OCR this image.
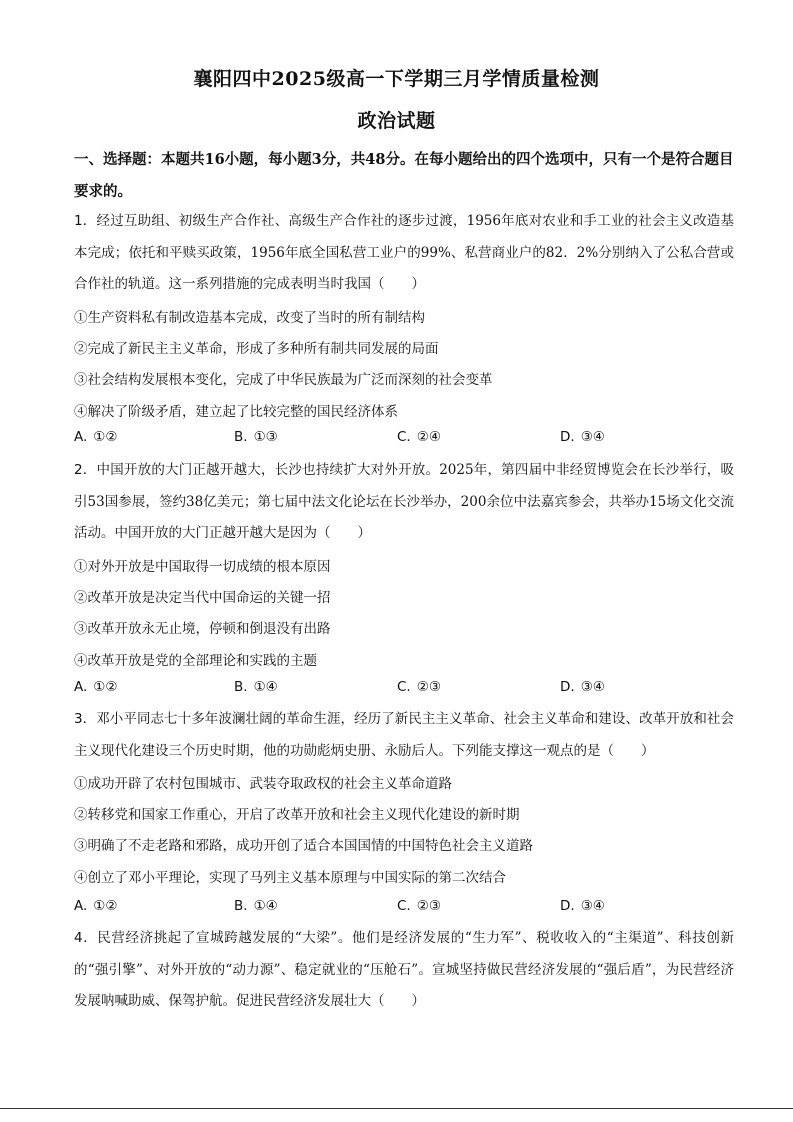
襄阳四中2025级高一下学期三月学情质量检测
政治试题
一、选择题：本题共16小题，每小题3分，共48分。在每小题给出的四个选项中，只有一个是符合题目要求的。
1．经过互助组、初级生产合作社、高级生产合作社的逐步过渡，1956年底对农业和手工业的社会主义改造基本完成；依托和平赎买政策，1956年底全国私营工业户的99%、私营商业户的82．2%分别纳入了公私合营或合作社的轨道。这一系列措施的完成表明当时我国（　　）
①生产资料私有制改造基本完成，改变了当时的所有制结构
②完成了新民主主义革命，形成了多种所有制共同发展的局面
③社会结构发展根本变化，完成了中华民族最为广泛而深刻的社会变革
④解决了阶级矛盾，建立起了比较完整的国民经济体系
A. ①②	B. ①③	C. ②④	D. ③④
2．中国开放的大门正越开越大，长沙也持续扩大对外开放。2025年，第四届中非经贸博览会在长沙举行，吸引53国参展，签约38亿美元；第七届中法文化论坛在长沙举办，200余位中法嘉宾参会，共举办15场文化交流活动。中国开放的大门正越开越大是因为（　　）
①对外开放是中国取得一切成绩的根本原因
②改革开放是决定当代中国命运的关键一招
③改革开放永无止境，停顿和倒退没有出路
④改革开放是党的全部理论和实践的主题
A. ①②	B. ①④	C. ②③	D. ③④
3．邓小平同志七十多年波澜壮阔的革命生涯，经历了新民主主义革命、社会主义革命和建设、改革开放和社会主义现代化建设三个历史时期，他的功勋彪炳史册、永励后人。下列能支撑这一观点的是（　　）
①成功开辟了农村包围城市、武装夺取政权的社会主义革命道路
②转移党和国家工作重心，开启了改革开放和社会主义现代化建设的新时期
③明确了不走老路和邪路，成功开创了适合本国国情的中国特色社会主义道路
④创立了邓小平理论，实现了马列主义基本原理与中国实际的第二次结合
A. ①②	B. ①④	C. ②③	D. ③④
4．民营经济挑起了宣城跨越发展的“大梁”。他们是经济发展的“生力军”、税收收入的“主渠道”、科技创新的“强引擎”、对外开放的“动力源”、稳定就业的“压舱石”。宣城坚持做民营经济发展的“强后盾”，为民营经济发展呐喊助威、保驾护航。促进民营经济发展壮大（　　）
